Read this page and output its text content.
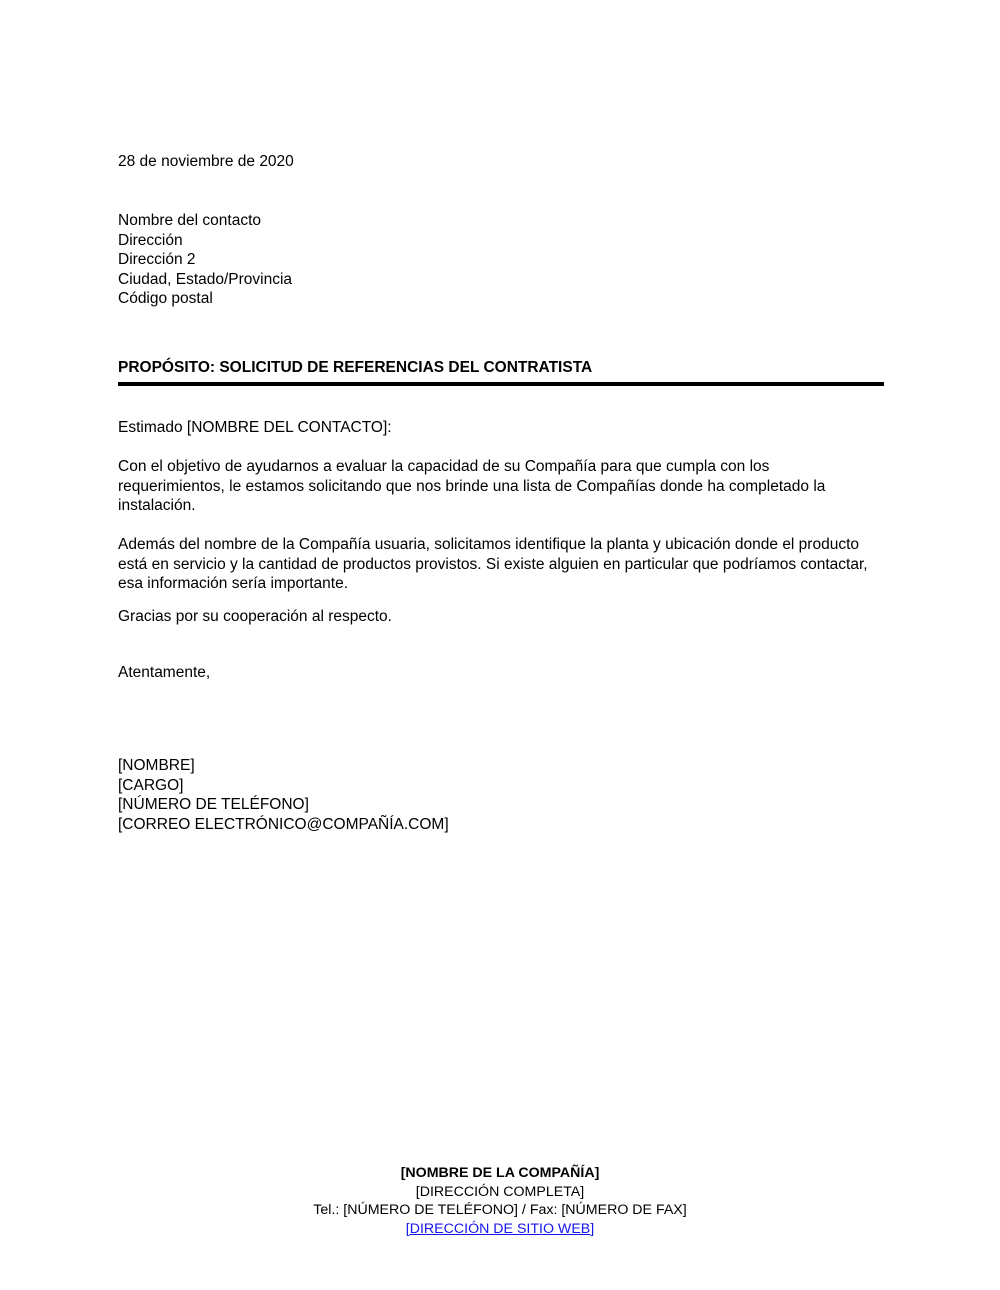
28 de noviembre de 2020
Nombre del contacto
Dirección
Dirección 2
Ciudad, Estado/Provincia
Código postal
PROPÓSITO: SOLICITUD DE REFERENCIAS DEL CONTRATISTA
Estimado [NOMBRE DEL CONTACTO]:
Con el objetivo de ayudarnos a evaluar la capacidad de su Compañía para que cumpla con los requerimientos, le estamos solicitando que nos brinde una lista de Compañías donde ha completado la instalación.
Además del nombre de la Compañía usuaria, solicitamos identifique la planta y ubicación donde el producto está en servicio y la cantidad de productos provistos. Si existe alguien en particular que podríamos contactar, esa información sería importante.
Gracias por su cooperación al respecto.
Atentamente,
[NOMBRE]
[CARGO]
[NÚMERO DE TELÉFONO]
[CORREO ELECTRÓNICO@COMPAÑÍA.COM]
[NOMBRE DE LA COMPAÑÍA]
[DIRECCIÓN COMPLETA]
Tel.: [NÚMERO DE TELÉFONO] / Fax: [NÚMERO DE FAX]
[DIRECCIÓN DE SITIO WEB]
